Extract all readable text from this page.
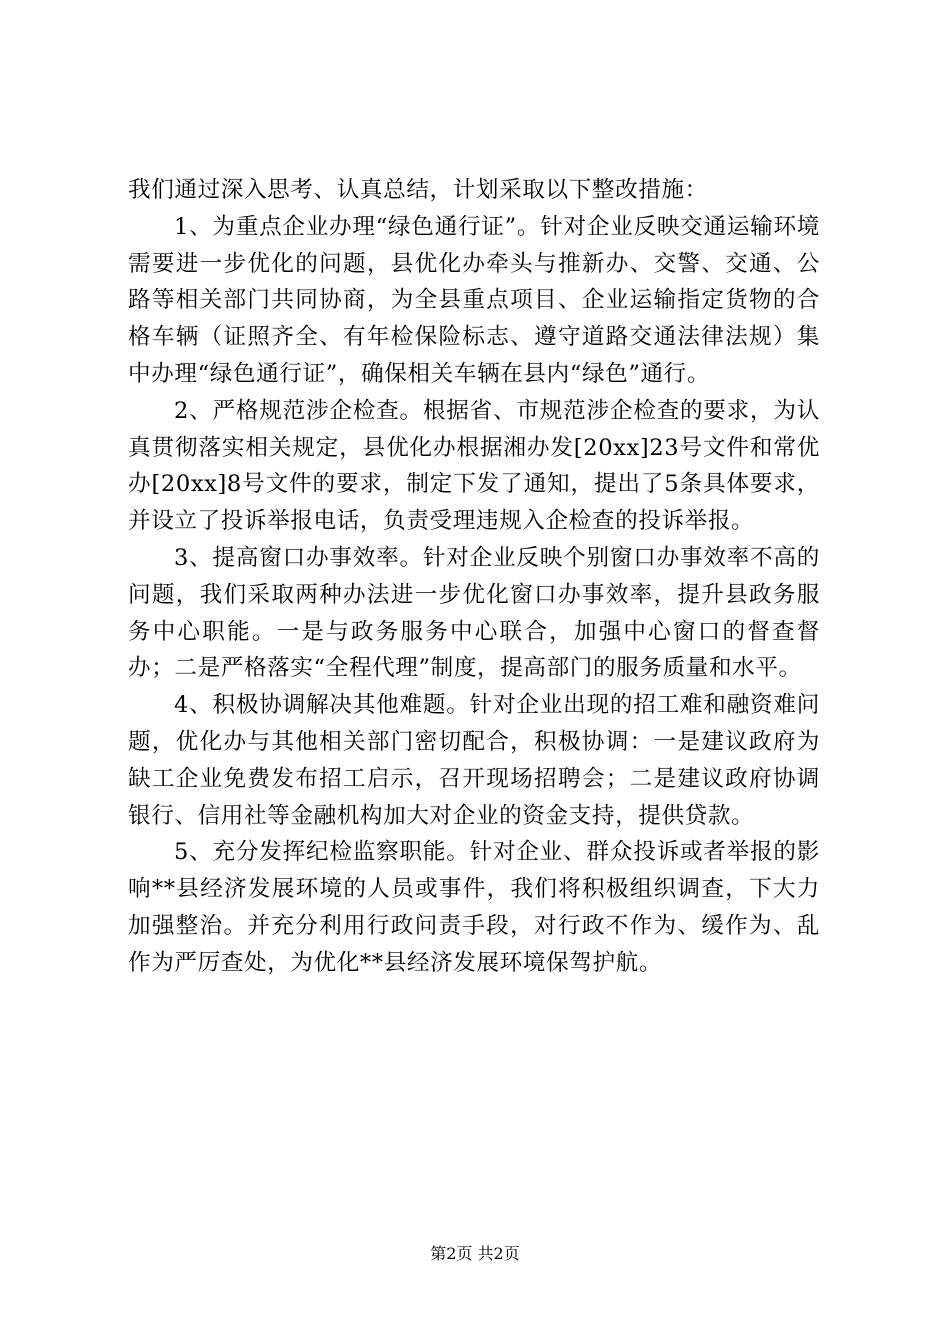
我们通过深入思考、认真总结，计划采取以下整改措施：

1、为重点企业办理“绿色通行证”。针对企业反映交通运输环境需要进一步优化的问题，县优化办牵头与推新办、交警、交通、公路等相关部门共同协商，为全县重点项目、企业运输指定货物的合格车辆（证照齐全、有年检保险标志、遵守道路交通法律法规）集中办理“绿色通行证”，确保相关车辆在县内“绿色”通行。

2、严格规范涉企检查。根据省、市规范涉企检查的要求，为认真贯彻落实相关规定，县优化办根据湘办发[20xx]23号文件和常优办[20xx]8号文件的要求，制定下发了通知，提出了5条具体要求，并设立了投诉举报电话，负责受理违规入企检查的投诉举报。

3、提高窗口办事效率。针对企业反映个别窗口办事效率不高的问题，我们采取两种办法进一步优化窗口办事效率，提升县政务服务中心职能。一是与政务服务中心联合，加强中心窗口的督查督办；二是严格落实“全程代理”制度，提高部门的服务质量和水平。

4、积极协调解决其他难题。针对企业出现的招工难和融资难问题，优化办与其他相关部门密切配合，积极协调：一是建议政府为缺工企业免费发布招工启示，召开现场招聘会；二是建议政府协调银行、信用社等金融机构加大对企业的资金支持，提供贷款。

5、充分发挥纪检监察职能。针对企业、群众投诉或者举报的影响**县经济发展环境的人员或事件，我们将积极组织调查，下大力加强整治。并充分利用行政问责手段，对行政不作为、缓作为、乱作为严厉查处，为优化**县经济发展环境保驾护航。

第2页 共2页
